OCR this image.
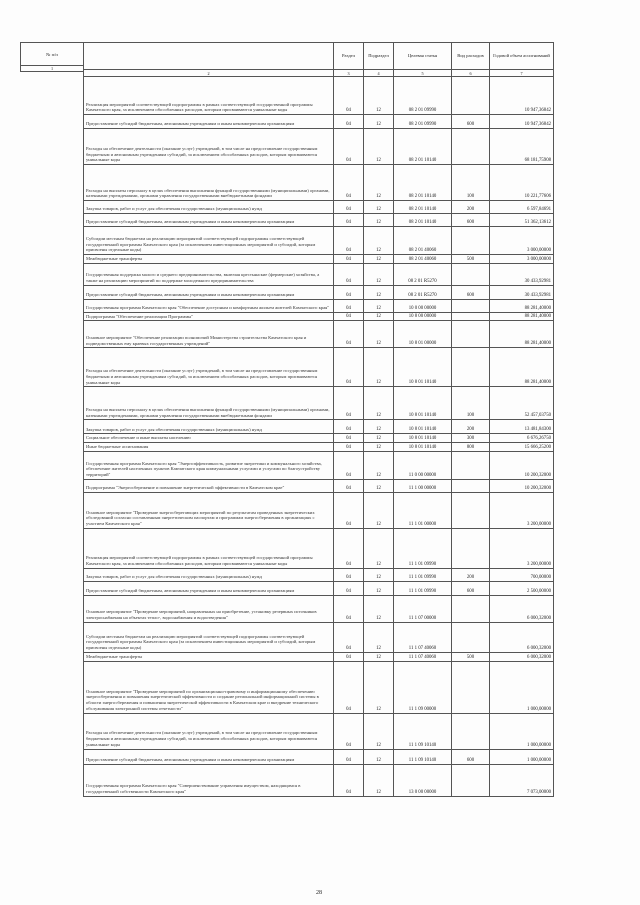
№ п/п
1
	Раздел	Подраздел	Целевая статья	Вид расходов	Годовой объем ассигнований
2	3	4	5	6	7
Реализация мероприятий соответствующей подпрограммы в рамках соответствующей государственной программы Камчатского края, за исключением обособленных расходов, которым присваиваются уникальные коды	04	12	08 2 01 09990		10 947,36842
Предоставление субсидий бюджетным, автономным учреждениям и иным некоммерческим организациям	04	12	08 2 01 09990	600	10 947,36842
Расходы на обеспечение деятельности (оказание услуг) учреждений, в том числе на предоставление государственным бюджетным и автономным учреждениям субсидий, за исключением обособленных расходов, которым присваиваются уникальные коды	04	12	08 2 01 10140		68 181,75908
Расходы на выплаты персоналу в целях обеспечения выполнения функций государственными (муниципальными) органами, казенными учреждениями, органами управления государственными внебюджетными фондами	04	12	08 2 01 10140	100	10 221,77606
Закупка товаров, работ и услуг для обеспечения государственных (муниципальных) нужд	04	12	08 2 01 10140	200	6 597,84691
Предоставление субсидий бюджетным, автономным учреждениям и иным некоммерческим организациям	04	12	08 2 01 10140	600	51 362,13612
Субсидии местным бюджетам на реализацию мероприятий соответствующей подпрограммы соответствующей государственной программы Камчатского края (за исключением инвестиционных мероприятий и субсидий, которым присвоены отдельные коды)	04	12	08 2 01 40060		3 000,00000
Межбюджетные трансферты	04	12	08 2 01 40060	500	3 000,00000
Государственная поддержка малого и среднего предпринимательства, включая крестьянские (фермерские) хозяйства, а также на реализацию мероприятий по поддержке молодежного предпринимательства	04	12	08 2 01 R5270		30 433,92981
Предоставление субсидий бюджетным, автономным учреждениям и иным некоммерческим организациям	04	12	08 2 01 R5270	600	30 433,92981
Государственная программа Камчатского края "Обеспечение доступным и комфортным жильем жителей Камчатского края"	04	12	10 0 00 00000		88 281,40000
Подпрограмма "Обеспечение реализации Программы"	04	12	10 8 00 00000		88 281,40000
Основное мероприятие "Обеспечение реализации полномочий Министерства строительства Камчатского края и подведомственных ему краевых государственных учреждений"	04	12	10 8 01 00000		88 281,40000
Расходы на обеспечение деятельности (оказание услуг) учреждений, в том числе на предоставление государственным бюджетным и автономным учреждениям субсидий, за исключением обособленных расходов, которым присваиваются уникальные коды	04	12	10 8 01 10140		88 281,40000
Расходы на выплаты персоналу в целях обеспечения выполнения функций государственными (муниципальными) органами, казенными учреждениями, органами управления государственными внебюджетными фондами	04	12	10 8 01 10140	100	52 457,03750
Закупка товаров, работ и услуг для обеспечения государственных (муниципальных) нужд	04	12	10 8 01 10140	200	13 481,84300
Социальное обеспечение и иные выплаты населению	04	12	10 8 01 10140	300	6 676,26750
Иные бюджетные ассигнования	04	12	10 8 01 10140	800	15 666,25200
Государственная программа Камчатского края "Энергоэффективность, развитие энергетики и коммунального хозяйства, обеспечение жителей населенных пунктов Камчатского края коммунальными услугами и услугами по благоустройству территорий"	04	12	11 0 00 00000		10 200,32000
Подпрограмма "Энергосбережение и повышение энергетической эффективности в Камчатском крае"	04	12	11 1 00 00000		10 200,32000
Основное мероприятие "Проведение энергосберегающих мероприятий по результатам проведенных энергетических обследований согласно составленным энергетическим паспортам и программам энергосбережения в организациях с участием Камчатского края"	04	12	11 1 01 00000		3 200,00000
Реализация мероприятий соответствующей подпрограммы в рамках соответствующей государственной программы Камчатского края, за исключением обособленных расходов, которым присваиваются уникальные коды	04	12	11 1 01 09990		3 200,00000
Закупка товаров, работ и услуг для обеспечения государственных (муниципальных) нужд	04	12	11 1 01 09990	200	700,00000
Предоставление субсидий бюджетным, автономным учреждениям и иным некоммерческим организациям	04	12	11 1 01 09990	600	2 500,00000
Основное мероприятие "Проведение мероприятий, направленных на приобретение, установку резервных источников электроснабжения на объектах тепло-, водоснабжения и водоотведения"	04	12	11 1 07 00000		6 000,32000
Субсидии местным бюджетам на реализацию мероприятий соответствующей подпрограммы соответствующей государственной программы Камчатского края (за исключением инвестиционных мероприятий и субсидий, которым присвоены отдельные коды)	04	12	11 1 07 40060		6 000,32000
Межбюджетные трансферты	04	12	11 1 07 40060	500	6 000,32000
Основное мероприятие "Проведение мероприятий по организационно-правовому и информационному обеспечению энергосбережения и повышения энергетической эффективности и создание региональной информационной системы в области энергосбережения и повышения энергетической эффективности в Камчатском крае и внедрение технического обслуживания электронной системы отчетности"	04	12	11 1 09 00000		1 000,00000
Расходы на обеспечение деятельности (оказание услуг) учреждений, в том числе на предоставление государственным бюджетным и автономным учреждениям субсидий, за исключением обособленных расходов, которым присваиваются уникальные коды	04	12	11 1 09 10140		1 000,00000
Предоставление субсидий бюджетным, автономным учреждениям и иным некоммерческим организациям	04	12	11 1 09 10140	600	1 000,00000
Государственная программа Камчатского края "Совершенствование управления имуществом, находящимся в государственной собственности Камчатского края"	04	12	13 0 00 00000		7 073,00000
28
